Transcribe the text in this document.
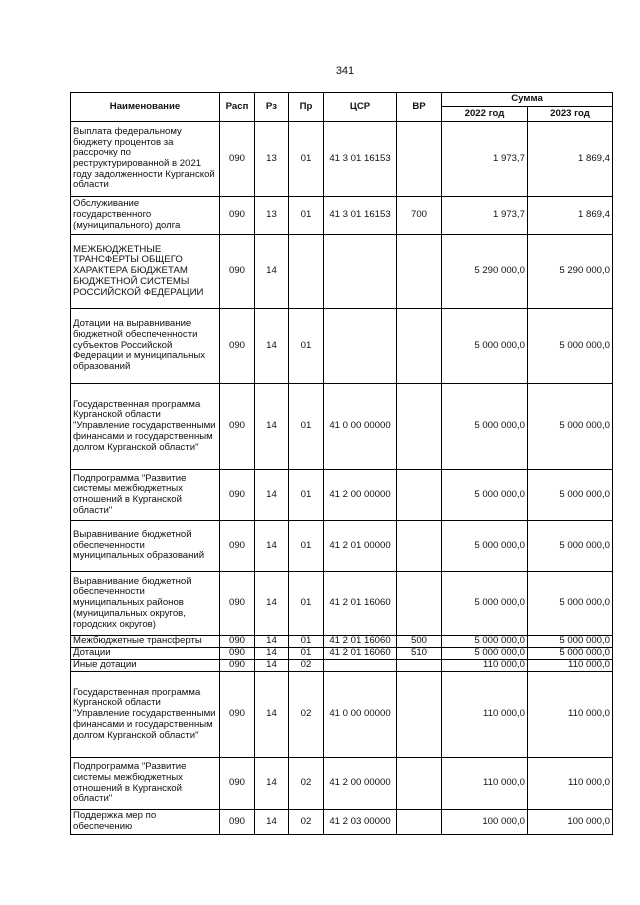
341
Наименование	Расп	Рз	Пр	ЦСР	ВР	Сумма	
						2022 год	2023 год
Выплата федеральному бюджету процентов за рассрочку по реструктурированной в 2021 году задолженности Курганской области	090	13	01	41 3 01 16153		1 973,7	1 869,4
Обслуживание государственного (муниципального) долга	090	13	01	41 3 01 16153	700	1 973,7	1 869,4
МЕЖБЮДЖЕТНЫЕ ТРАНСФЕРТЫ ОБЩЕГО ХАРАКТЕРА БЮДЖЕТАМ БЮДЖЕТНОЙ СИСТЕМЫ РОССИЙСКОЙ ФЕДЕРАЦИИ	090	14				5 290 000,0	5 290 000,0
Дотации на выравнивание бюджетной обеспеченности субъектов Российской Федерации и муниципальных образований	090	14	01			5 000 000,0	5 000 000,0
Государственная программа Курганской области "Управление государственными финансами и государственным долгом Курганской области"	090	14	01	41 0 00 00000		5 000 000,0	5 000 000,0
Подпрограмма "Развитие системы межбюджетных отношений в Курганской области"	090	14	01	41 2 00 00000		5 000 000,0	5 000 000,0
Выравнивание бюджетной обеспеченности муниципальных образований	090	14	01	41 2 01 00000		5 000 000,0	5 000 000,0
Выравнивание бюджетной обеспеченности муниципальных районов (муниципальных округов, городских округов)	090	14	01	41 2 01 16060		5 000 000,0	5 000 000,0
Межбюджетные трансферты	090	14	01	41 2 01 16060	500	5 000 000,0	5 000 000,0
Дотации	090	14	01	41 2 01 16060	510	5 000 000,0	5 000 000,0
Иные дотации	090	14	02			110 000,0	110 000,0
Государственная программа Курганской области "Управление государственными финансами и государственным долгом Курганской области"	090	14	02	41 0 00 00000		110 000,0	110 000,0
Подпрограмма "Развитие системы межбюджетных отношений в Курганской области"	090	14	02	41 2 00 00000		110 000,0	110 000,0
Поддержка мер по обеспечению	090	14	02	41 2 03 00000		100 000,0	100 000,0
